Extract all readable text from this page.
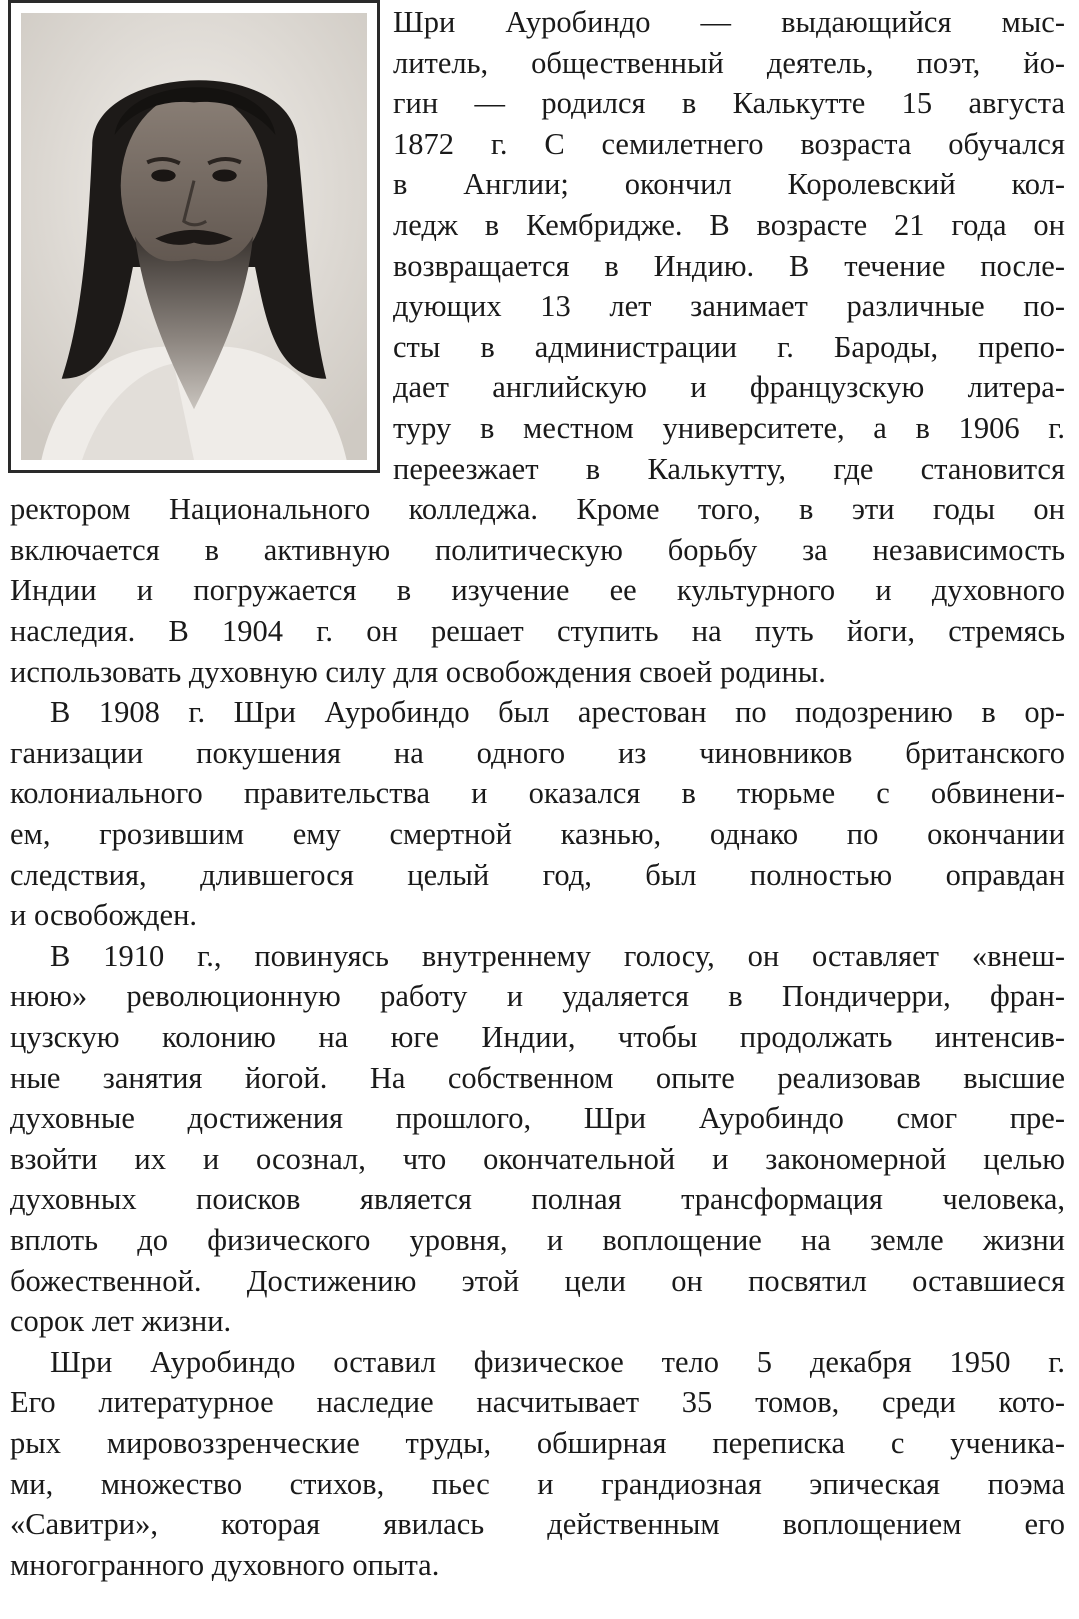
Шри Ауробиндо — выдающийся мыс-
литель, общественный деятель, поэт, йо-
гин — родился в Калькутте 15 августа
1872 г. С семилетнего возраста обучался
в Англии; окончил Королевский кол-
ледж в Кембридже. В возрасте 21 года он
возвращается в Индию. В течение после-
дующих 13 лет занимает различные по-
сты в администрации г. Бароды, препо-
дает английскую и французскую литера-
туру в местном университете, а в 1906 г.
переезжает в Калькутту, где становится
ректором Национального колледжа. Кроме того, в эти годы он
включается в активную политическую борьбу за независимость
Индии и погружается в изучение ее культурного и духовного
наследия. В 1904 г. он решает ступить на путь йоги, стремясь
использовать духовную силу для освобождения своей родины.
В 1908 г. Шри Ауробиндо был арестован по подозрению в ор-
ганизации покушения на одного из чиновников британского
колониального правительства и оказался в тюрьме с обвинени-
ем, грозившим ему смертной казнью, однако по окончании
следствия, длившегося целый год, был полностью оправдан
и освобожден.
В 1910 г., повинуясь внутреннему голосу, он оставляет «внеш-
нюю» революционную работу и удаляется в Пондичерри, фран-
цузскую колонию на юге Индии, чтобы продолжать интенсив-
ные занятия йогой. На собственном опыте реализовав высшие
духовные достижения прошлого, Шри Ауробиндо смог пре-
взойти их и осознал, что окончательной и закономерной целью
духовных поисков является полная трансформация человека,
вплоть до физического уровня, и воплощение на земле жизни
божественной. Достижению этой цели он посвятил оставшиеся
сорок лет жизни.
Шри Ауробиндо оставил физическое тело 5 декабря 1950 г.
Его литературное наследие насчитывает 35 томов, среди кото-
рых мировоззренческие труды, обширная переписка с ученика-
ми, множество стихов, пьес и грандиозная эпическая поэма
«Савитри», которая явилась действенным воплощением его
многогранного духовного опыта.
